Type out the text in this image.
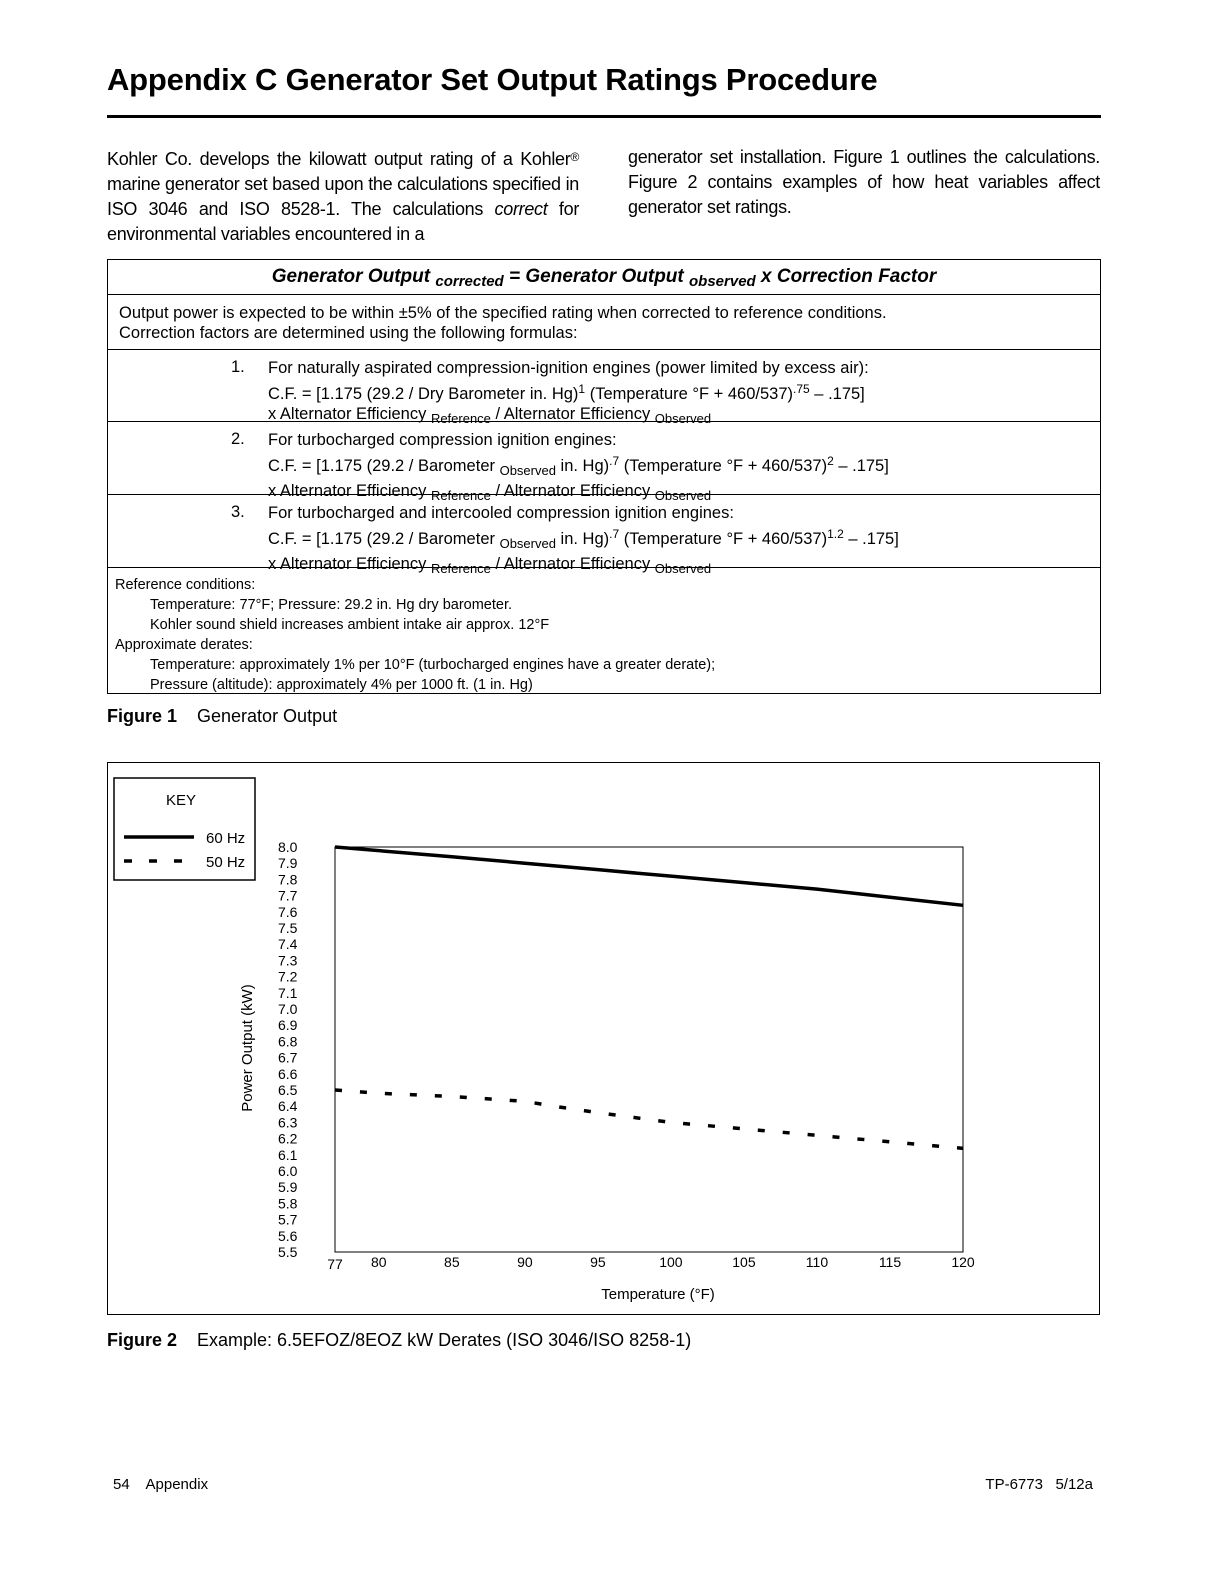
Appendix C Generator Set Output Ratings Procedure
Kohler Co. develops the kilowatt output rating of a Kohler® marine generator set based upon the calculations specified in ISO 3046 and ISO 8528-1. The calculations correct for environmental variables encountered in a
generator set installation. Figure 1 outlines the calculations. Figure 2 contains examples of how heat variables affect generator set ratings.
Generator Output $_{corrected}$ = Generator Output $_{observed}$ x Correction Factor
Output power is expected to be within ±5% of the specified rating when corrected to reference conditions.
Correction factors are determined using the following formulas:
1. For naturally aspirated compression-ignition engines (power limited by excess air):
C.F. = [1.175 (29.2 / Dry Barometer in. Hg)$^1$ (Temperature °F + 460/537)$^{.75}$ – .175]
x Alternator Efficiency $_{Reference}$ / Alternator Efficiency $_{Observed}$
2. For turbocharged compression ignition engines:
C.F. = [1.175 (29.2 / Barometer $_{Observed}$ in. Hg)$^{.7}$ (Temperature °F + 460/537)$^2$ – .175]
x Alternator Efficiency $_{Reference}$ / Alternator Efficiency $_{Observed}$
3. For turbocharged and intercooled compression ignition engines:
C.F. = [1.175 (29.2 / Barometer $_{Observed}$ in. Hg)$^{.7}$ (Temperature °F + 460/537)$^{1.2}$ – .175]
x Alternator Efficiency $_{Reference}$ / Alternator Efficiency $_{Observed}$
Reference conditions:
Temperature: 77°F; Pressure: 29.2 in. Hg dry barometer.
Kohler sound shield increases ambient intake air approx. 12°F
Approximate derates:
Temperature: approximately 1% per 10°F (turbocharged engines have a greater derate);
Pressure (altitude): approximately 4% per 1000 ft. (1 in. Hg)
Figure 1 Generator Output
KEY
60 Hz
50 Hz
8.0
7.9
7.8
7.7
7.6
7.5
7.4
7.3
7.2
7.1
7.0
6.9
6.8
6.7
6.6
6.5
6.4
6.3
6.2
6.1
6.0
5.9
5.8
5.7
5.6
5.5
77 80	85	90	95	100	105	110	115	120
Power Output (kW)
Temperature (°F)
Figure 2 Example: 6.5EFOZ/8EOZ kW Derates (ISO 3046/ISO 8258-1)
54    Appendix	TP-6773   5/12a
